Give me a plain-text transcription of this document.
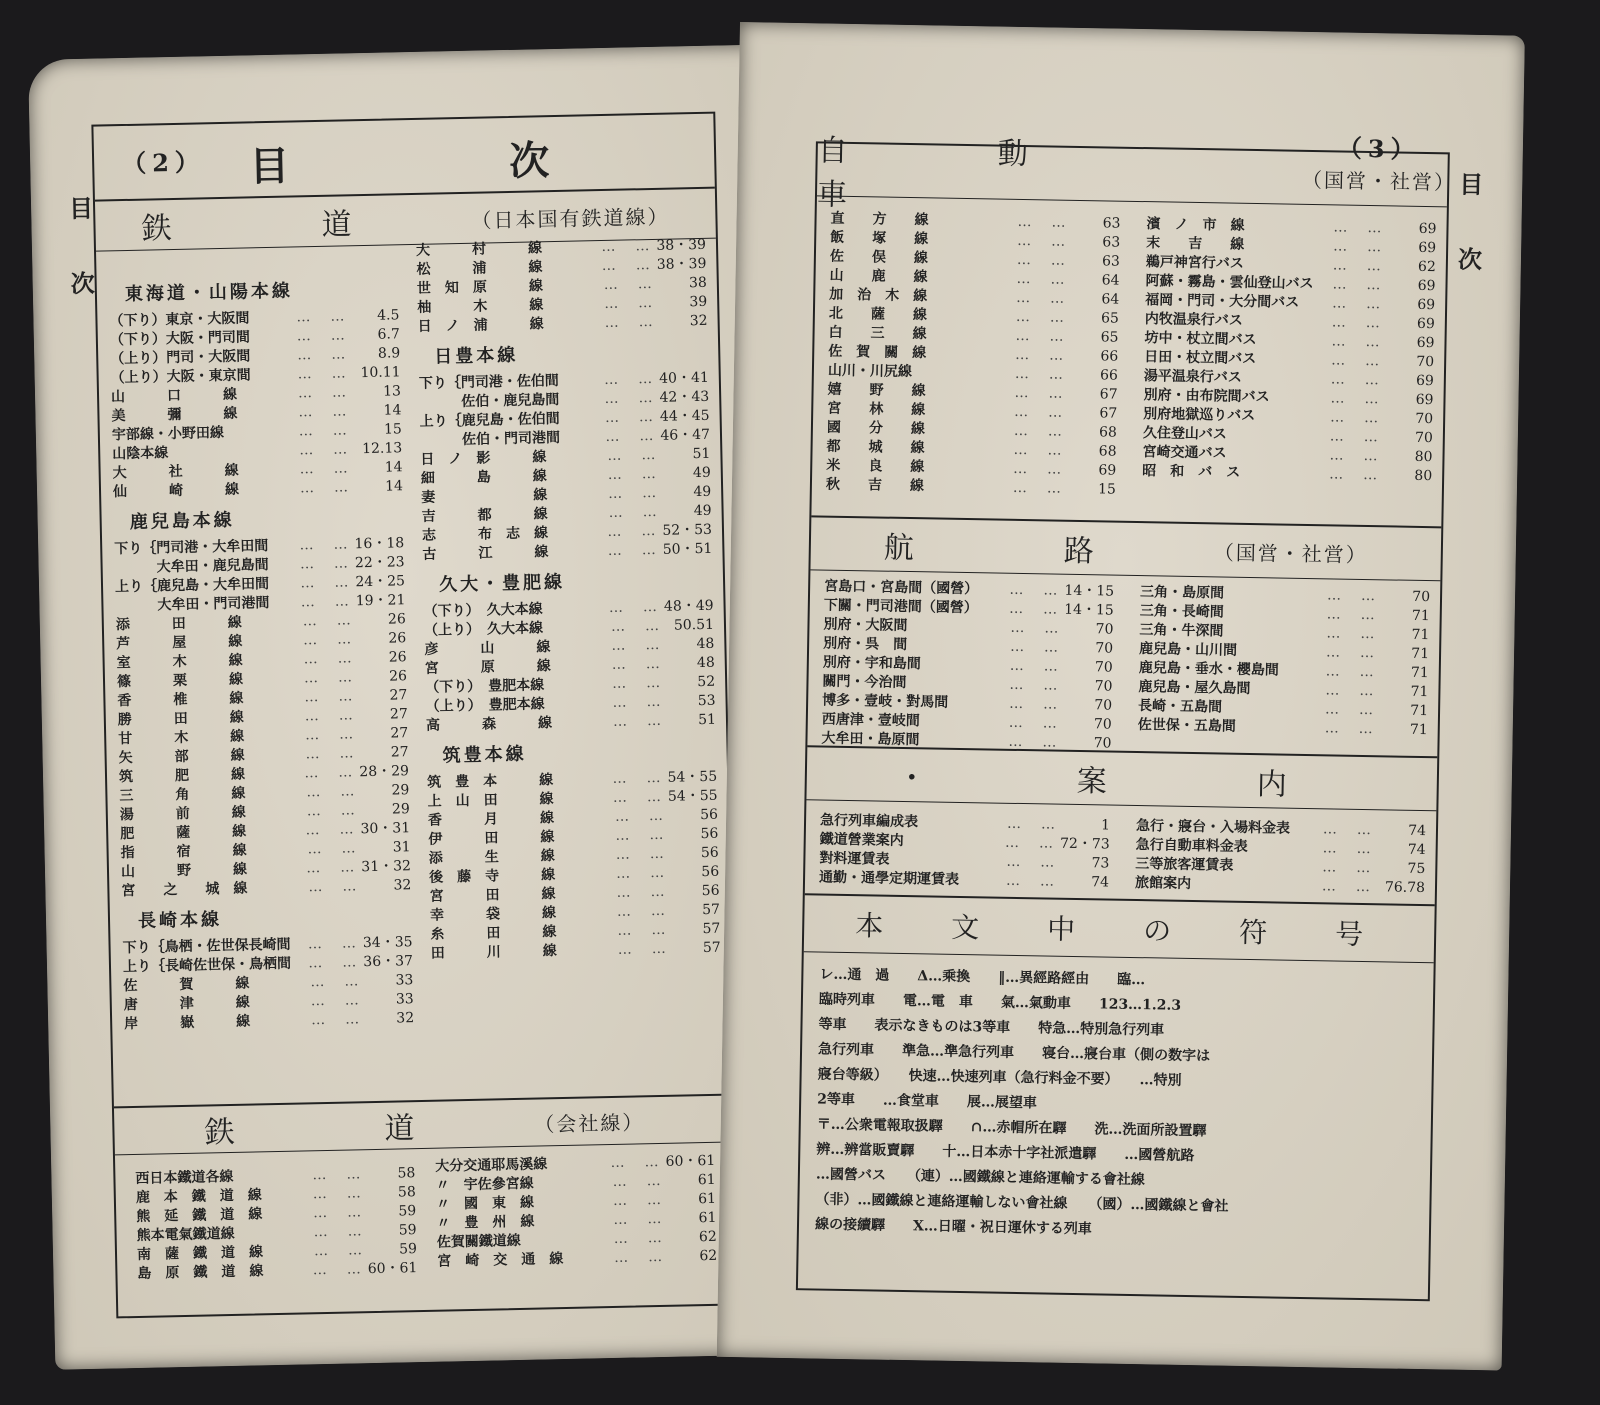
（2）
目
次
目　次
鉄　道	（日本国有鉄道線）
東海道・山陽本線
（下り）東京・大阪間	…　…	4.5
（下り）大阪・門司間	…　…	6.7
（上り）門司・大阪間	…　…	8.9
（上り）大阪・東京間	…　… 10.11
山　　　口　　　線	…　…	13
美　　　彌　　　線	…　…	14
宇部線・小野田線	…　…	15
山陰本線	…　… 12.13
大　　　社　　　線	…　…	14
仙　　　崎　　　線	…　…	14
鹿兒島本線
下り｛門司港・大牟田間	…　… 16・18
　　　大牟田・鹿兒島間	…　… 22・23
上り｛鹿兒島・大牟田間	…　… 24・25
　　　大牟田・門司港間	…　… 19・21
添　　　田　　　線	…　…	26
芦　　　屋　　　線	…　…	26
室　　　木　　　線	…　…	26
篠　　　栗　　　線	…　…	26
香　　　椎　　　線	…　…	27
勝　　　田　　　線	…　…	27
甘　　　木　　　線	…　…	27
矢　　　部　　　線	…　…	27
筑　　　肥　　　線	…　… 28・29
三　　　角　　　線	…　…	29
湯　　　前　　　線	…　…	29
肥　　　薩　　　線	…　… 30・31
指　　　宿　　　線	…　…	31
山　　　野　　　線	…　… 31・32
宮　　之　　城　線	…　…	32
長崎本線
下り｛鳥栖・佐世保長崎間	…　… 34・35
上り｛長崎佐世保・鳥栖間	…　… 36・37
佐　　　賀　　　線	…　…	33
唐　　　津　　　線	…　…	33
岸　　　嶽　　　線	…　…	32
大　　　村　　　線	…　… 38・39
松　　　浦　　　線	…　… 38・39
世　知　原　　　線	…　…	38
柚　　　木　　　線	…　…	39
日　ノ　浦　　　線	…　…	32
日豊本線
下り｛門司港・佐伯間	…　… 40・41
　　　佐伯・鹿兒島間	…　… 42・43
上り｛鹿兒島・佐伯間	…　… 44・45
　　　佐伯・門司港間	…　… 46・47
日　ノ　影　　　線	…　…	51
細　　　島　　　線	…　…	49
妻　　　　　　　線	…　…	49
吉　　　都　　　線	…　…	49
志　　　布　志　線	…　… 52・53
古　　　江　　　線	…　… 50・51
久大・豊肥線
（下り）　久大本線	…　… 48・49
（上り）　久大本線	…　… 50.51
彦　　　山　　　線	…　…	48
宮　　　原　　　線	…　…	48
（下り）　豊肥本線	…　…	52
（上り）　豊肥本線	…　…	53
高　　　森　　　線	…　…	51
筑豊本線
筑　豊　本　　　線	…　… 54・55
上　山　田　　　線	…　… 54・55
香　　　月　　　線	…　…	56
伊　　　田　　　線	…　…	56
添　　　生　　　線	…　…	56
後　藤　寺　　　線	…　…	56
宮　　　田　　　線	…　…	56
幸　　　袋　　　線	…　…	57
糸　　　田　　　線	…　…	57
田　　　川　　　線	…　…	57
鉄　道	（会社線）
西日本鐵道各線	…　…	58
鹿　本　鐵　道　線	…　…	58
熊　延　鐵　道　線	…　…	59
熊本電氣鐵道線	…　…	59
南　薩　鐵　道　線	…　…	59
島　原　鐵　道　線	…　… 60・61
大分交通耶馬溪線	…　… 60・61
〃　宇佐參宮線	…　…	61
〃　國　東　線	…　…	61
〃　豊　州　線	…　…	61
佐賀關鐵道線	…　…	62
宮　崎　交　通　線	…　…	62
（3）
目
次
自　動　車	（国営・社営）
直　　方　　線	…　…	63
飯　　塚　　線	…　…	63
佐　　俣　　線	…　…	63
山　　鹿　　線	…　…	64
加　治　木　線	…　…	64
北　　薩　　線	…　…	65
白　　三　　線	…　…	65
佐　賀　關　線	…　…	66
山川・川尻線	…　…	66
嬉　　野　　線	…　…	67
宮　　林　　線	…　…	67
國　　分　　線	…　…	68
都　　城　　線	…　…	68
米　　良　　線	…　…	69
秋　　吉　　線	…　…	15
濱　ノ　市　線	…　…	69
末　　吉　　線	…　…	69
鵜戸神宮行バス	…　…	62
阿蘇・霧島・雲仙登山バス	…　…	69
福岡・門司・大分間バス	…　…	69
内牧温泉行バス	…　…	69
坊中・杖立間バス	…　…	69
日田・杖立間バス	…　…	70
湯平温泉行バス	…　…	69
別府・由布院間バス	…　…	69
別府地獄巡りバス	…　…	70
久住登山バス	…　…	70
宮崎交通バス	…　…	80
昭　和　バ　ス	…　…	80
航　路	（国営・社営）
宮島口・宮島間（國營）	…　… 14・15
下關・門司港間（國營）	…　… 14・15
別府・大阪間	…　…	70
別府・呉　間	…　…	70
別府・宇和島間	…　…	70
關門・今治間	…　…	70
博多・壹岐・對馬間	…　…	70
西唐津・壹岐間	…　…	70
大牟田・島原間	…　…	70
三角・島原間	…　…	70
三角・長崎間	…　…	71
三角・牛深間	…　…	71
鹿兒島・山川間	…　…	71
鹿兒島・垂水・櫻島間	…　…	71
鹿兒島・屋久島間	…　…	71
長崎・五島間	…　…	71
佐世保・五島間	…　…	71
・　案　内
急行列車編成表	…　…	1
鐵道營業案内	…　… 72・73
對料運賃表	…　…	73
通勤・通學定期運賃表	…　…	74
急行・寢台・入場料金表	…　…	74
急行自動車料金表	…　…	74
三等旅客運賃表	…　…	75
旅館案内	…　… 76.78
本　文　中　の　符　号
レ…通　過　　Δ…乘換　　‖…異經路經由　　臨…
臨時列車　　電…電　車　　氣…氣動車　　123…1.2.3
等車　　表示なきものは3等車　　特急…特別急行列車
急行列車　　準急…準急行列車　　寝台…寢台車（側の数字は
寢台等級）　　快速…快速列車（急行料金不要）　　…特別
2等車　　…食堂車　　展…展望車
〒…公衆電報取扱驛　　∩…赤帽所在驛　　洗…洗面所設置驛
辨…辨當販賣驛　　十…日本赤十字社派遣驛　　…國營航路
…國營バス　　（連）…國鐵線と連絡運輸する會社線
（非）…國鐵線と連絡運輸しない會社線　　（國）…國鐵線と會社
線の接續驛　　Ⅹ…日曜・祝日運休する列車
